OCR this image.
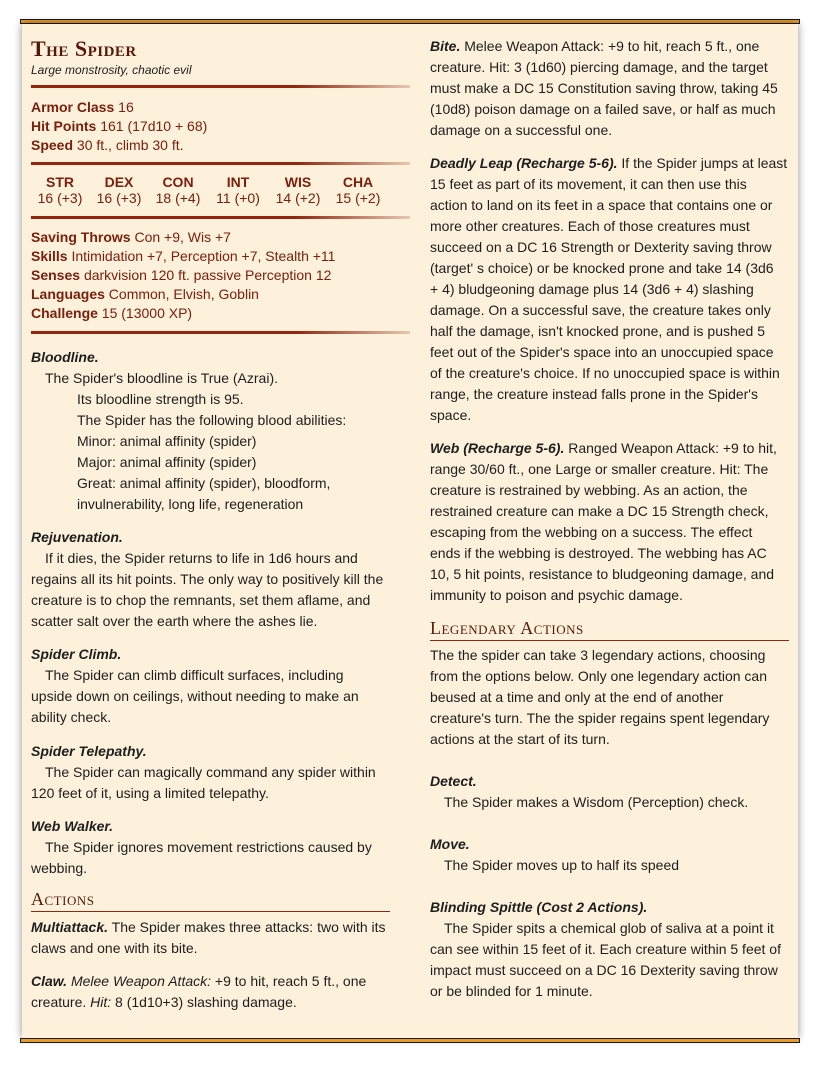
The Spider
Large monstrosity, chaotic evil
Armor Class 16
Hit Points 161 (17d10 + 68)
Speed 30 ft., climb 30 ft.
STR
16 (+3)
DEX
16 (+3)
CON
18 (+4)
INT
11 (+0)
WIS
14 (+2)
CHA
15 (+2)
Saving Throws Con +9, Wis +7
Skills Intimidation +7, Perception +7, Stealth +11
Senses darkvision 120 ft. passive Perception 12
Languages Common, Elvish, Goblin
Challenge 15 (13000 XP)
Bloodline.
The Spider's bloodline is True (Azrai).
Its bloodline strength is 95.
The Spider has the following blood abilities:
Minor: animal affinity (spider)
Major: animal affinity (spider)
Great: animal affinity (spider), bloodform,
invulnerability, long life, regeneration
Rejuvenation.
If it dies, the Spider returns to life in 1d6 hours and
regains all its hit points. The only way to positively kill the
creature is to chop the remnants, set them aflame, and
scatter salt over the earth where the ashes lie.
Spider Climb.
The Spider can climb difficult surfaces, including
upside down on ceilings, without needing to make an
ability check.
Spider Telepathy.
The Spider can magically command any spider within
120 feet of it, using a limited telepathy.
Web Walker.
The Spider ignores movement restrictions caused by
webbing.
Actions
Multiattack. The Spider makes three attacks: two with its
claws and one with its bite.
Claw. Melee Weapon Attack: +9 to hit, reach 5 ft., one
creature. Hit: 8 (1d10+3) slashing damage.
Bite. Melee Weapon Attack: +9 to hit, reach 5 ft., one
creature. Hit: 3 (1d60) piercing damage, and the target
must make a DC 15 Constitution saving throw, taking 45
(10d8) poison damage on a failed save, or half as much
damage on a successful one.
Deadly Leap (Recharge 5-6). If the Spider jumps at least
15 feet as part of its movement, it can then use this
action to land on its feet in a space that contains one or
more other creatures. Each of those creatures must
succeed on a DC 16 Strength or Dexterity saving throw
(target' s choice) or be knocked prone and take 14 (3d6
+ 4) bludgeoning damage plus 14 (3d6 + 4) slashing
damage. On a successful save, the creature takes only
half the damage, isn't knocked prone, and is pushed 5
feet out of the Spider's space into an unoccupied space
of the creature's choice. If no unoccupied space is within
range, the creature instead falls prone in the Spider's
space.
Web (Recharge 5-6). Ranged Weapon Attack: +9 to hit,
range 30/60 ft., one Large or smaller creature. Hit: The
creature is restrained by webbing. As an action, the
restrained creature can make a DC 15 Strength check,
escaping from the webbing on a success. The effect
ends if the webbing is destroyed. The webbing has AC
10, 5 hit points, resistance to bludgeoning damage, and
immunity to poison and psychic damage.
Legendary Actions
The the spider can take 3 legendary actions, choosing
from the options below. Only one legendary action can
beused at a time and only at the end of another
creature's turn. The the spider regains spent legendary
actions at the start of its turn.
Detect.
The Spider makes a Wisdom (Perception) check.
Move.
The Spider moves up to half its speed
Blinding Spittle (Cost 2 Actions).
The Spider spits a chemical glob of saliva at a point it
can see within 15 feet of it. Each creature within 5 feet of
impact must succeed on a DC 16 Dexterity saving throw
or be blinded for 1 minute.
